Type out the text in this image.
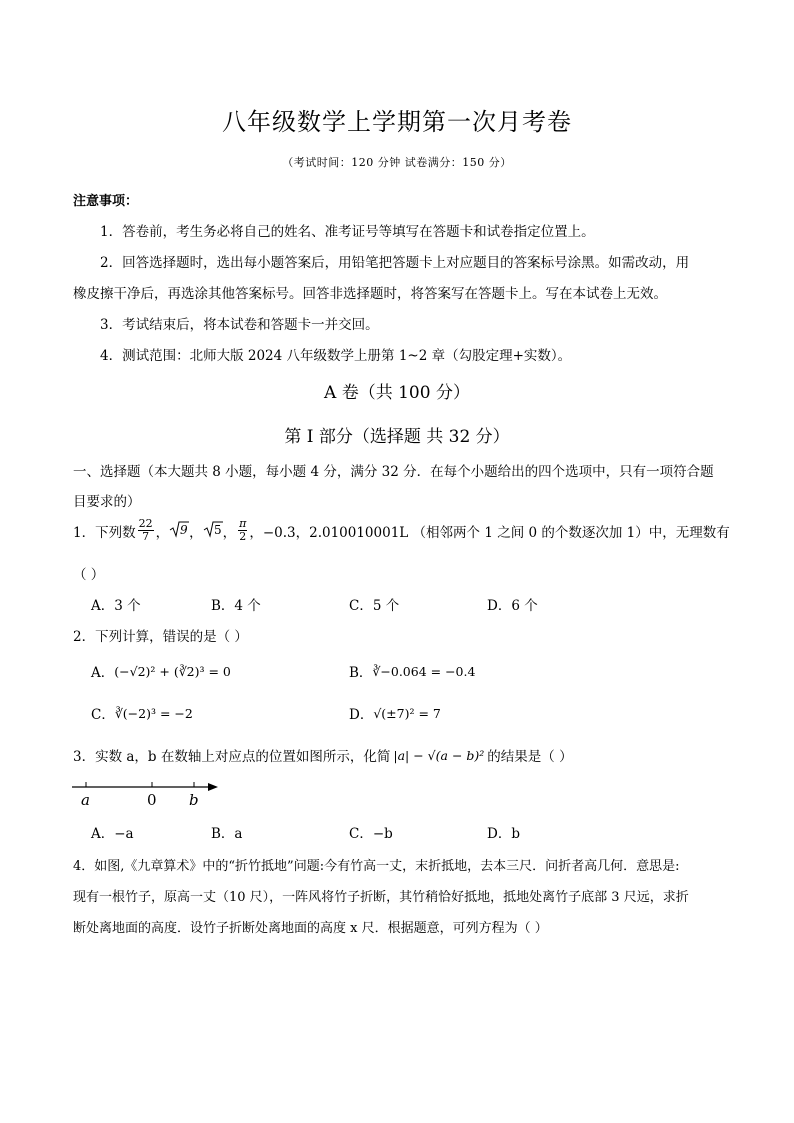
八年级数学上学期第一次月考卷
（考试时间：120 分钟 试卷满分：150 分）
注意事项：
1．答卷前，考生务必将自己的姓名、准考证号等填写在答题卡和试卷指定位置上。
2．回答选择题时，选出每小题答案后，用铅笔把答题卡上对应题目的答案标号涂黑。如需改动，用
橡皮擦干净后，再选涂其他答案标号。回答非选择题时，将答案写在答题卡上。写在本试卷上无效。
3．考试结束后，将本试卷和答题卡一并交回。
4．测试范围：北师大版 2024 八年级数学上册第 1~2 章（勾股定理+实数）。
A 卷（共 100 分）
第 I 部分（选择题 共 32 分）
一、选择题（本大题共 8 小题，每小题 4 分，满分 32 分．在每个小题给出的四个选项中，只有一项符合题
目要求的）
1．下列数 $\frac{22}{7}$ ， 9 ， 5 ， $\frac{\pi}{2}$ ，−0.3，2.010010001L （相邻两个 1 之间 0 的个数逐次加 1）中，无理数有
（ ）
A．3 个	B．4 个	C．5 个	D．6 个
2．下列计算，错误的是（ ）
A． (−√2)² + (∛2)³ = 0	B． ∛−0.064 = −0.4
C． ∛(−2)³ = −2	D． √(±7)² = 7
3．实数 a，b 在数轴上对应点的位置如图所示，化简 |a| − √(a − b)² 的结果是（ ）
a	0 b
A．−a	B．a	C．−b	D．b
4．如图,《九章算术》中的“折竹抵地”问题:今有竹高一丈，末折抵地，去本三尺．问折者高几何．意思是:
现有一根竹子，原高一丈（10 尺），一阵风将竹子折断，其竹稍恰好抵地，抵地处离竹子底部 3 尺远，求折
断处离地面的高度．设竹子折断处离地面的高度 x 尺．根据题意，可列方程为（ ）
